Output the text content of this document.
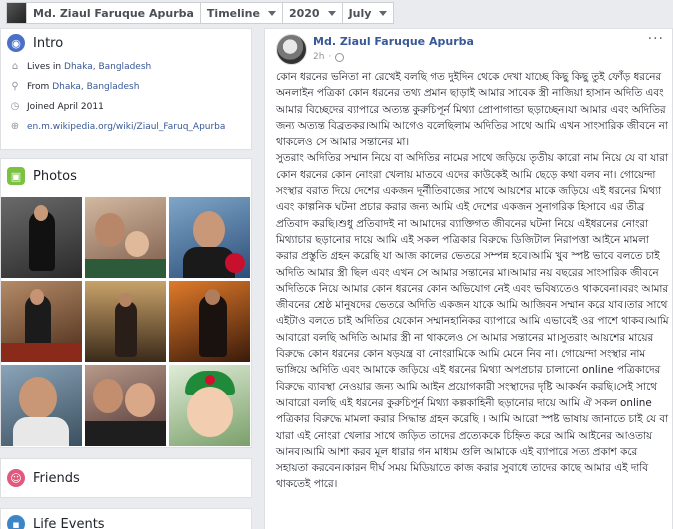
Md. Ziaul Faruque Apurba Timeline	2020	July
◉ Intro
⌂ Lives in
Dhaka, Bangladesh
⚲ From
Dhaka, Bangladesh
◷ Joined April 2011
⊕ en.m.wikipedia.org/wiki/Ziaul_Faruq_Apurba
▣ Photos
☺ Friends
▪	Life Events
Md. Ziaul Faruque Apurba
2h ·
···

কোন ধরনের ভনিতা না রেখেই বলছি গত দুইদিন থেকে দেখা যাচ্ছে কিছু কিছু তুই ফোঁড় ধরনের অনলাইন পত্রিকা কোন ধরনের তথ্য প্রমান ছাড়াই আমার সাবেক স্ত্রী নাজিয়া হাসান অদিতি এবং আমার বিচ্ছেদের ব্যাপারে অত্যন্ত কুরুচিপূর্ন মিথ্যা প্রোপাগান্ডা ছড়াচ্ছেন।যা আমার এবং অদিতির জন্য অত্যন্ত বিব্রতকর।আমি আগেও বলেছিলাম অদিতির সাথে আমি এখন সাংসারিক জীবনে না থাকলেও সে আমার সন্তানের মা।

সুতরাং অদিতির সম্মান নিয়ে বা অদিতির নামের সাথে জড়িয়ে তৃতীয় কারো নাম নিয়ে যে বা যারা কোন ধরনের কোন নোংরা খেলায় মাতবে এদের কাউকেই আমি ছেড়ে কথা বলব না। গোয়েন্দা সংস্থার বরাত দিয়ে দেশের একজন দূর্নীতিবাজের সাথে আয়শের মাকে জড়িয়ে এই ধরনের মিথ্যা এবং কাল্পনিক ঘটনা প্রচার করার জন্য আমি এই দেশের একজন সুনাগরিক হিসাবে এর তীব্র প্রতিবাদ করছি।শুধু প্রতিবাদই না আমাদের ব্যাক্তিগত জীবনের ঘটনা নিয়ে এইধরনের নোংরা মিথ্যাচার ছড়ানোর দায়ে আমি এই সকল পত্রিকার বিরুদ্ধে ডিজিটাল নিরাপত্তা আইনে মামলা করার প্রস্তুতি গ্রহন করেছি যা আজ কালের ভেতরে সম্পন্ন হবে।আমি খুব স্পষ্ট ভাবে বলতে চাই অদিতি আমার স্ত্রী ছিল এবং এখন সে আমার সন্তানের মা।আমার নয় বছরের সাংসারিক জীবনে অদিতিকে নিয়ে আমার কোন ধরনের কোন অভিযোগ নেই এবং ভবিষ্যতেও থাকবেনা।বরং আমার জীবনের শ্রেষ্ঠ মানুষদের ভেতরে অদিতি একজন যাকে আমি আজিবন সম্মান করে যাব।তার সাথে এইটাও বলতে চাই অদিতির যেকোন সম্মানহানিকর ব্যাপারে আমি এভাবেই ওর পাশে থাকব।আমি আবারো বলছি অদিতি আমার স্ত্রী না থাকলেও সে আমার সন্তানের মা।সুতরাং আয়শের মায়ের বিরুদ্ধে কোন ধরনের কোন ষড়যন্ত্র বা নোংরামিকে আমি মেনে নিব না। গোয়েন্দা সংস্থার নাম ভাঙ্গিয়ে অদিতি এবং আমাকে জড়িয়ে এই ধরনের মিথ্যা অপপ্রচার চালানো online পত্রিকাদের বিরুদ্ধে ব্যাবস্থা নেওয়ার জন্য আমি আইন প্রয়োগকারী সংস্থাদের দৃষ্টি আকর্ষন করছি।সেই সাথে আবারো বলছি এই ধরনের কুরুচিপূর্ন মিথ্যা কল্পকাহিনী ছড়ানোর দায়ে আমি ঐ সকল online পত্রিকার বিরুদ্ধে মামলা করার সিদ্ধান্ত গ্রহন করেছি । আমি আরো স্পষ্ট ভাষায় জানাতে চাই যে বা যারা এই নোংরা খেলার সাথে জড়িত তাদের প্রত্যেককে চিহ্নিত করে আমি আইনের আওতায় আনব।আমি আশা করব মূল ধারার গন মাধ্যম গুলি আমাকে এই ব্যাপারে সত্য প্রকাশ করে সহায়তা করবেন।কারন দীর্ঘ সময় মিডিয়াতে কাজ করার সুবাধে তাদের কাছে আমার এই দাবি থাকতেই পারে।
